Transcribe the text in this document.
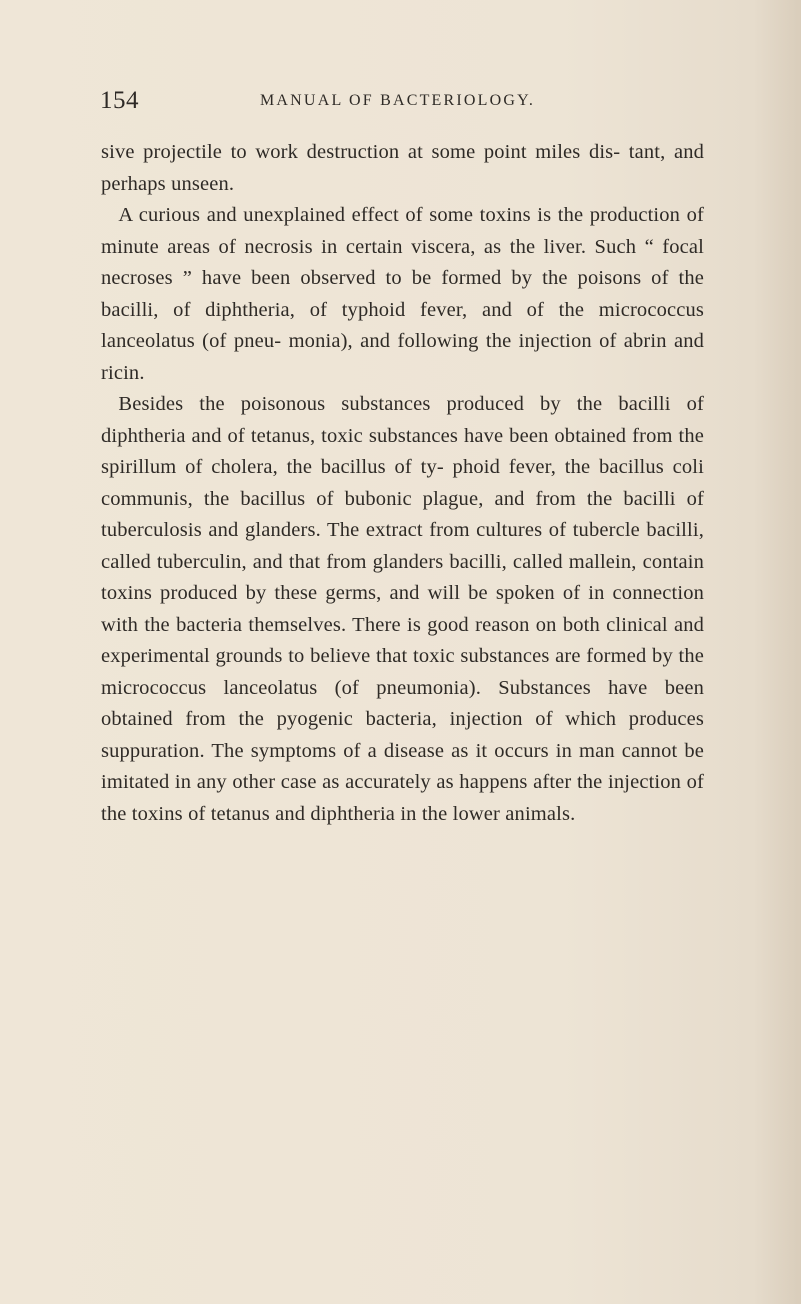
154	MANUAL OF BACTERIOLOGY.

sive projectile to work destruction at some point miles dis- tant, and perhaps unseen.

A curious and unexplained effect of some toxins is the production of minute areas of necrosis in certain viscera, as the liver. Such “ focal necroses ” have been observed to be formed by the poisons of the bacilli, of diphtheria, of typhoid fever, and of the micrococcus lanceolatus (of pneu- monia), and following the injection of abrin and ricin.

Besides the poisonous substances produced by the bacilli of diphtheria and of tetanus, toxic substances have been obtained from the spirillum of cholera, the bacillus of ty- phoid fever, the bacillus coli communis, the bacillus of bubonic plague, and from the bacilli of tuberculosis and glanders. The extract from cultures of tubercle bacilli, called tuberculin, and that from glanders bacilli, called mallein, contain toxins produced by these germs, and will be spoken of in connection with the bacteria themselves. There is good reason on both clinical and experimental grounds to believe that toxic substances are formed by the micrococcus lanceolatus (of pneumonia). Substances have been obtained from the pyogenic bacteria, injection of which produces suppuration. The symptoms of a disease as it occurs in man cannot be imitated in any other case as accurately as happens after the injection of the toxins of tetanus and diphtheria in the lower animals.
